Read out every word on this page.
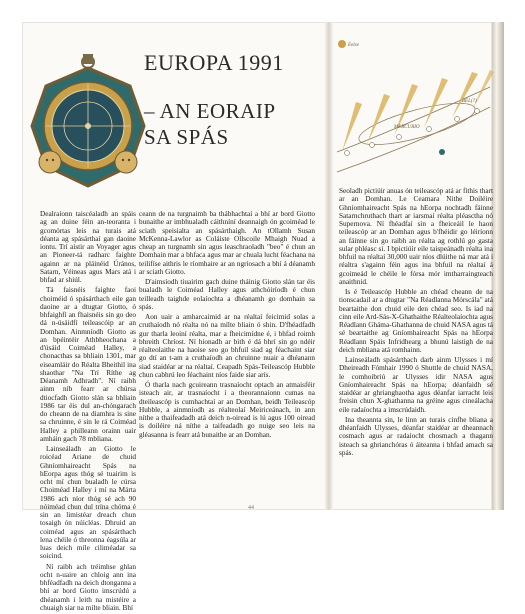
EUROPA 1991
– AN EORAIP
SA SPÁS
Eelse
MERCURIO
BEL(?)

Dealraíonn taiscéaladh an spáis ag an duine féin an-teoranta i gcomórtas leis na turais atá déanta ag spásárthaí gan daoine iontu. Trí aistir an Voyager agus an Pioneer-tá radharc faighte againn ar na pláinéid Úrános, Satarn, Véineas agus Mars atá i bhfad ar shiúl.

Tá faisnéis faighte faoi choiméid ó spásárthach eile gan daoine ar a dtugtar Giotto, ó bhfaighfí an fhaisnéis sin go deo dá n-úsáidfí teileascóip ar an Domhan. Ainmníodh Giotto as an bpéintéir Athbheochana a d'úsáid Coiméad Halley, a chonacthas sa bhliain 1301, mar eiseamláir do Réalta Bheithil ina shaothar "Na Trí Ríthe ag Déanamh Adhradh". Ní raibh ainm níb fearr ar chúrsa dtiocfadh Giotto slán sa bhliain 1986 tar éis dul an-chóngarach do cheann de na diamhra is sine sa chruinne, é sin le rá Coiméad Halley a philleann orainn uair amháin gach 78 mbliana.

Lainseáladh an Giotto le roicéad Ariane de chuid Ghníomhaireacht Spás na hEorpa agus thóg sé tuairim is ocht mí chun bualadh le cúrsa Choiméad Halley i mí na Márta 1986 ach níor thóg sé ach 90 nóiméad chun dul trína chóma é sin an limistéar dreach chun tosaigh ón núicléas. Dhruid an coiméad agus an spásárthach lena chéile ó threonna éagsúla ar luas deich míle ciliméadar sa soicind.

Ní raibh ach tréimhse ghlan ocht n-uaire an chloig ann ina bhféadfadh na deich dtonganna a bhí ar bord Giotto imscrúdú a dhéanamh i leith na mistéire a chuaigh siar na mílte bliain. Bhí

ceann de na turgnaimh ba thábhachtaí a bhí ar bord Giotto bunaithe ar imbhualadh cáithníní deannaigh ón gcoiméad le sciath speisialta an spásárthaigh. An tOllamh Susan McKenna-Lawlor as Coláiste Ollscoile Mhaigh Nuad a cheap an turgnamh sin agus leaschraoladh "beo" é chun an Domhain mar a bhfaca agus mar ar chuala lucht féachana na teilifíse aithris le ríomhaire ar an ngríosach a bhí á déanamh ar sciath Giotto.

D'aimsíodh tiuairim gach duine tháinig Giotto slán tar éis bualadh le Coiméad Halley agus athchóiríodh é chun teilleadh taighde eolaíochta a dhéanamh go domhain sa spás.

Aon uair a amharcaimid ar na réaltaí feicimid solas a cruthaíodh nó réalta nó na mílte bliain ó shin. D'fhéadfadh gur tharla leoiní réalta, mar a fheicimídne é, i bhfad roimh bhreith Chríost. Ní hionadh ar bith é dá bhrí sin go ndéir réalteolaithe na haoise seo go bhfuil siad ag féachaint siar go dtí an t-am a cruthaíodh an chruinne nuair a dhéanann siad staidéar ar na réaltaí. Ceapadh Spás-Teileascóp Hubble chun cabhrú leo féachaint níos faide siar arís.

Ó tharla nach gcuireann trasnaíocht optach an atmaisféir isteach air, ar trasnaíocht í a theorannaíonn cumas na dteileascóp is cumhachtaí ar an Domhan, beidh Teileascóp Hubble, a ainmníodh as réalteolaí Meiriceánach, in ann níthe a thaifeadadh atá deich n-oiread is lú agus 100 oiread is doiléire ná níthe a taifeadadh go nuige seo leis na gléasanna is fearr atá bunaithe ar an Domhan.

Seoladh pictiúir anuas ón teileascóp atá ar fithis thart ar an Domhan. Le Ceamara Nithe Doiléire Ghníomhaireacht Spás na hEorpa nochtadh fáinne Satarnchruthach thart ar iarsmaí réalta pléasctha nó Supernova. Ní fhéadfaí sin a fheiceáil le haon teileascóp ar an Domhan agus b'fhéidir go léiríonn an fáinne sin go raibh an réalta ag rothlú go gasta sular phléasc sí. I bpictiúir eile taispeánadh réalta ina bhfuil na réaltaí 30,000 uair níos dlúithe ná mar atá i réaltra s'againn féin agus ina bhfuil na réaltaí á gcoimeád le chéile le fórsa mór imtharraingteach anaithnid.

Is é Teileascóp Hubble an chéad cheann de na tionscadail ar a dtugtar "Na Réadlanna Mórscála" atá beartaithe don chuid eile den chéad seo. Is iad na cinn eile Ard-Sás-X-Ghathaithe Réalteolaíochta agus Réadlann Gháma-Ghathanna de chuid NASA agus tá sé beartaithe ag Gníomhaireacht Spás na hEorpa Réadlann Spáis Infridhearg a bhunú laistigh de na deich mbliana atá romhainn.

Lainseáladh spásárthach darb ainm Ulysses i mí Dheireadh Fómhair 1990 ó Shuttle de chuid NASA, le comhoibriú ar Ulysses idir NASA agus Gníomhaireacht Spás na hEorpa; déanfaidh sé staidéar ar ghrianghaotha agus déanfar iarracht leis freisin chun X-ghathanna na gréine agus cineálacha eile radaíochta a imscrúdaidh.

Ina theannta sin, le linn an turais cinfhe bliana a dhéanfaidh Ulysses, déanfar staidéar ar dheannach cosmach agus ar radaíocht chosmach a thagann isteach sa ghrianchóras ó áiteanna i bhfad amach sa spás.

44
